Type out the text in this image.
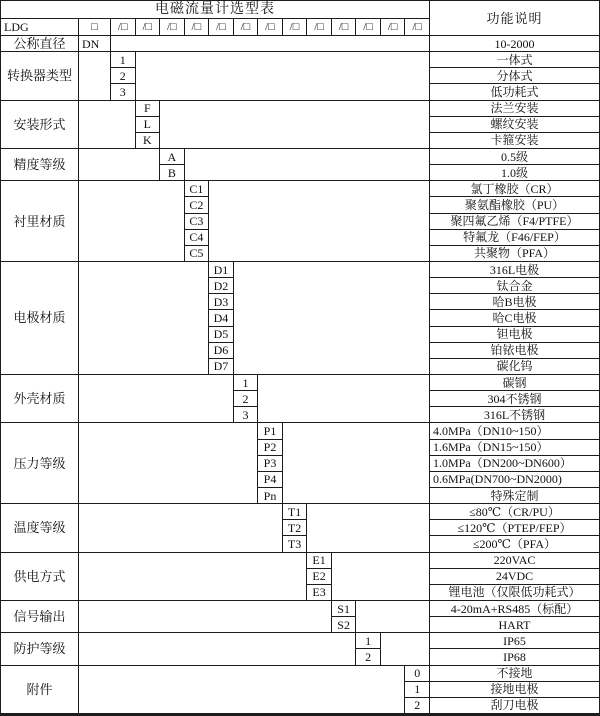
电磁流量计选型表
功能说明
LDG	□	/□	/□	/□	/□	/□	/□	/□	/□	/□	/□	/□	/□	/□
公称直径	DN	10-2000
转换器类型
1	一体式
2	分体式
3	低功耗式
安装形式
F	法兰安装
L	螺纹安装
K	卡箍安装
精度等级
A	0.5级
B	1.0级
衬里材质
C1	氯丁橡胶（CR）
C2	聚氨酯橡胶（PU）
C3	聚四氟乙烯（F4/PTFE）
C4	特氟龙（F46/FEP）
C5	共聚物（PFA）
电极材质
D1	316L电极
D2	钛合金
D3	哈B电极
D4	哈C电极
D5	钽电极
D6	铂铱电极
D7	碳化钨
外壳材质
1	碳钢
2	304不锈钢
3	316L不锈钢
压力等级
P1	4.0MPa（DN10~150）
P2	1.6MPa（DN15~150）
P3	1.0MPa（DN200~DN600）
P4	0.6MPa(DN700~DN2000)
Pn	特殊定制
温度等级
T1	≤80℃（CR/PU）
T2	≤120℃（PTEP/FEP）
T3	≤200℃（PFA）
供电方式
E1	220VAC
E2	24VDC
E3	锂电池（仅限低功耗式）
信号输出
S1	4-20mA+RS485（标配）
S2	HART
防护等级
1	IP65
2	IP68
附件
0	不接地
1	接地电极
2	刮刀电极
